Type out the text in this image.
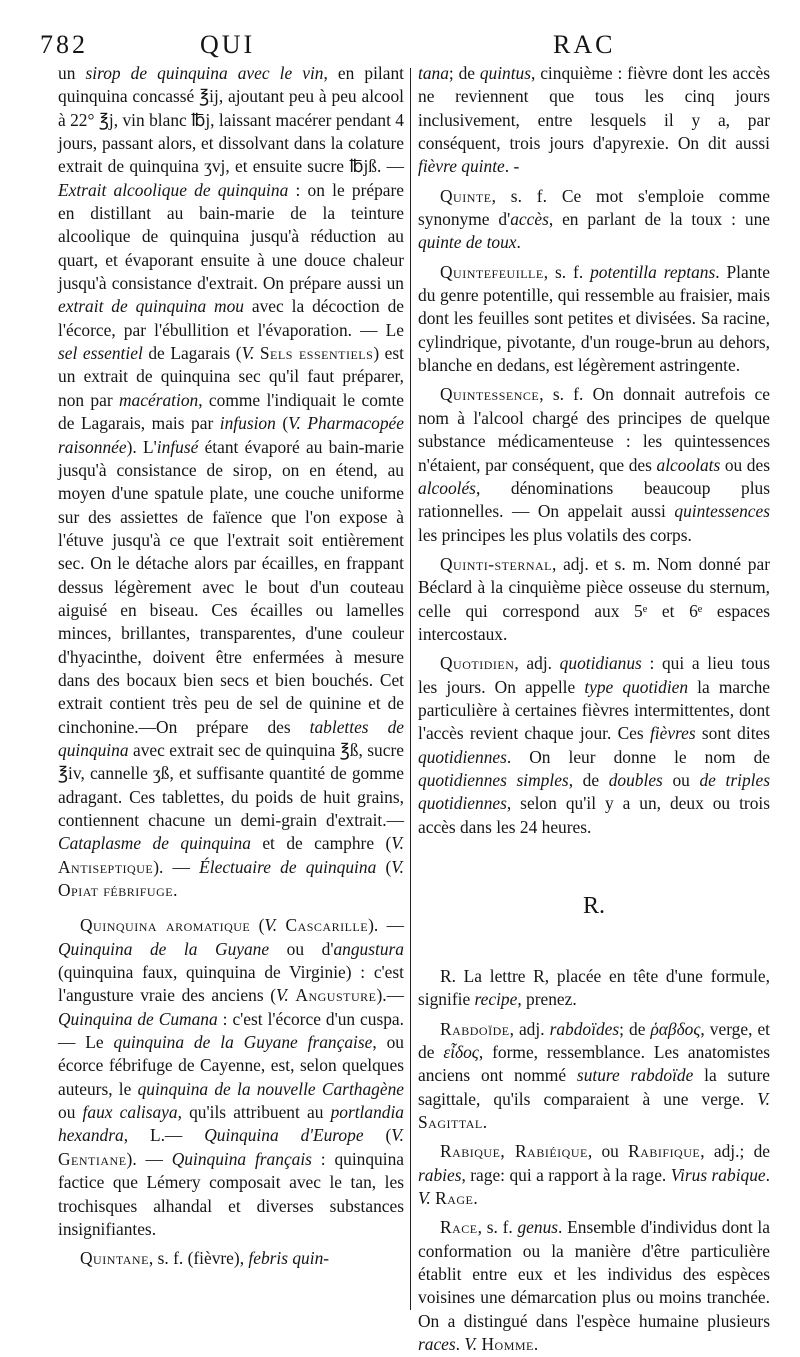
782	QUI	RAC

un sirop de quinquina avec le vin, en pilant quinquina concassé ℥ij, ajoutant peu à peu alcool à 22° ℥j, vin blanc ℔j, laissant macérer pendant 4 jours, passant alors, et dissolvant dans la colature extrait de quinquina ʒvj, et ensuite sucre ℔jß. — Extrait alcoolique de quinquina : on le prépare en distillant au bain-marie de la teinture alcoolique de quinquina jusqu'à réduction au quart, et évaporant ensuite à une douce chaleur jusqu'à consistance d'extrait. On prépare aussi un extrait de quinquina mou avec la décoction de l'écorce, par l'ébullition et l'évaporation. — Le sel essentiel de Lagarais (V. Sels essentiels) est un extrait de quinquina sec qu'il faut préparer, non par macération, comme l'indiquait le comte de Lagarais, mais par infusion (V. Pharmacopée raisonnée). L'infusé étant évaporé au bain-marie jusqu'à consistance de sirop, on en étend, au moyen d'une spatule plate, une couche uniforme sur des assiettes de faïence que l'on expose à l'étuve jusqu'à ce que l'extrait soit entièrement sec. On le détache alors par écailles, en frappant dessus légèrement avec le bout d'un couteau aiguisé en biseau. Ces écailles ou lamelles minces, brillantes, transparentes, d'une couleur d'hyacinthe, doivent être enfermées à mesure dans des bocaux bien secs et bien bouchés. Cet extrait contient très peu de sel de quinine et de cinchonine.—On prépare des tablettes de quinquina avec extrait sec de quinquina ℥ß, sucre ℥iv, cannelle ʒß, et suffisante quantité de gomme adragant. Ces tablettes, du poids de huit grains, contiennent chacune un demi-grain d'extrait.— Cataplasme de quinquina et de camphre (V. Antiseptique). — Électuaire de quinquina (V. Opiat fébrifuge.

Quinquina aromatique (V. Cascarille). — Quinquina de la Guyane ou d'angustura (quinquina faux, quinquina de Virginie) : c'est l'angusture vraie des anciens (V. Angusture).—Quinquina de Cumana : c'est l'écorce d'un cuspa. — Le quinquina de la Guyane française, ou écorce fébrifuge de Cayenne, est, selon quelques auteurs, le quinquina de la nouvelle Carthagène ou faux calisaya, qu'ils attribuent au portlandia hexandra, L.— Quinquina d'Europe (V. Gentiane). — Quinquina français : quinquina factice que Lémery composait avec le tan, les trochisques alhandal et diverses substances insignifiantes.

Quintane, s. f. (fièvre), febris quin-

tana; de quintus, cinquième : fièvre dont les accès ne reviennent que tous les cinq jours inclusivement, entre lesquels il y a, par conséquent, trois jours d'apyrexie. On dit aussi fièvre quinte. -

Quinte, s. f. Ce mot s'emploie comme synonyme d'accès, en parlant de la toux : une quinte de toux.

Quintefeuille, s. f. potentilla reptans. Plante du genre potentille, qui ressemble au fraisier, mais dont les feuilles sont petites et divisées. Sa racine, cylindrique, pivotante, d'un rouge-brun au dehors, blanche en dedans, est légèrement astringente.

Quintessence, s. f. On donnait autrefois ce nom à l'alcool chargé des principes de quelque substance médicamenteuse : les quintessences n'étaient, par conséquent, que des alcoolats ou des alcoolés, dénominations beaucoup plus rationnelles. — On appelait aussi quintessences les principes les plus volatils des corps.

Quinti-sternal, adj. et s. m. Nom donné par Béclard à la cinquième pièce osseuse du sternum, celle qui correspond aux 5ᵉ et 6ᵉ espaces intercostaux.

Quotidien, adj. quotidianus : qui a lieu tous les jours. On appelle type quotidien la marche particulière à certaines fièvres intermittentes, dont l'accès revient chaque jour. Ces fièvres sont dites quotidiennes. On leur donne le nom de quotidiennes simples, de doubles ou de triples quotidiennes, selon qu'il y a un, deux ou trois accès dans les 24 heures.

R.

R. La lettre R, placée en tête d'une formule, signifie recipe, prenez.

Rabdoïde, adj. rabdoïdes; de ῥαβδος, verge, et de εἶδος, forme, ressemblance. Les anatomistes anciens ont nommé suture rabdoïde la suture sagittale, qu'ils comparaient à une verge. V. Sagittal.

Rabique, Rabiéique, ou Rabifique, adj.; de rabies, rage: qui a rapport à la rage. Virus rabique. V. Rage.

Race, s. f. genus. Ensemble d'individus dont la conformation ou la manière d'être particulière établit entre eux et les individus des espèces voisines une démarcation plus ou moins tranchée. On a distingué dans l'espèce humaine plusieurs races. V. Homme.
